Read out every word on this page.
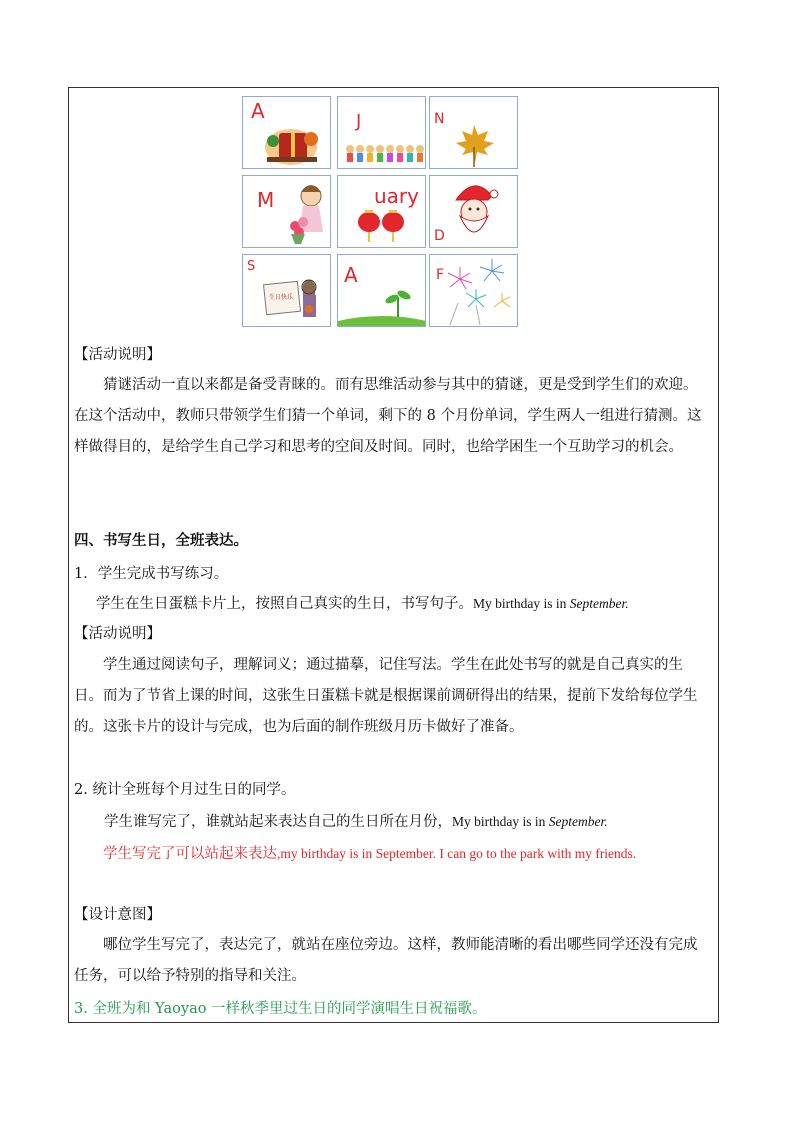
A	J	N
M	uary
D
S
生日快乐
A	F
【活动说明】
猜谜活动一直以来都是备受青睐的。而有思维活动参与其中的猜谜，更是受到学生们的欢迎。在这个活动中，教师只带领学生们猜一个单词，剩下的 8 个月份单词，学生两人一组进行猜测。这样做得目的，是给学生自己学习和思考的空间及时间。同时，也给学困生一个互助学习的机会。
四、书写生日，全班表达。
1．学生完成书写练习。
学生在生日蛋糕卡片上，按照自己真实的生日，书写句子。My birthday is in September.
【活动说明】
学生通过阅读句子，理解词义；通过描摹，记住写法。学生在此处书写的就是自己真实的生日。而为了节省上课的时间，这张生日蛋糕卡就是根据课前调研得出的结果，提前下发给每位学生的。这张卡片的设计与完成，也为后面的制作班级月历卡做好了准备。
2. 统计全班每个月过生日的同学。
学生谁写完了，谁就站起来表达自己的生日所在月份，My birthday is in September.
学生写完了可以站起来表达,my birthday is in September. I can go to the park with my friends.
【设计意图】
哪位学生写完了，表达完了，就站在座位旁边。这样，教师能清晰的看出哪些同学还没有完成任务，可以给予特别的指导和关注。
3. 全班为和 Yaoyao 一样秋季里过生日的同学演唱生日祝福歌。
